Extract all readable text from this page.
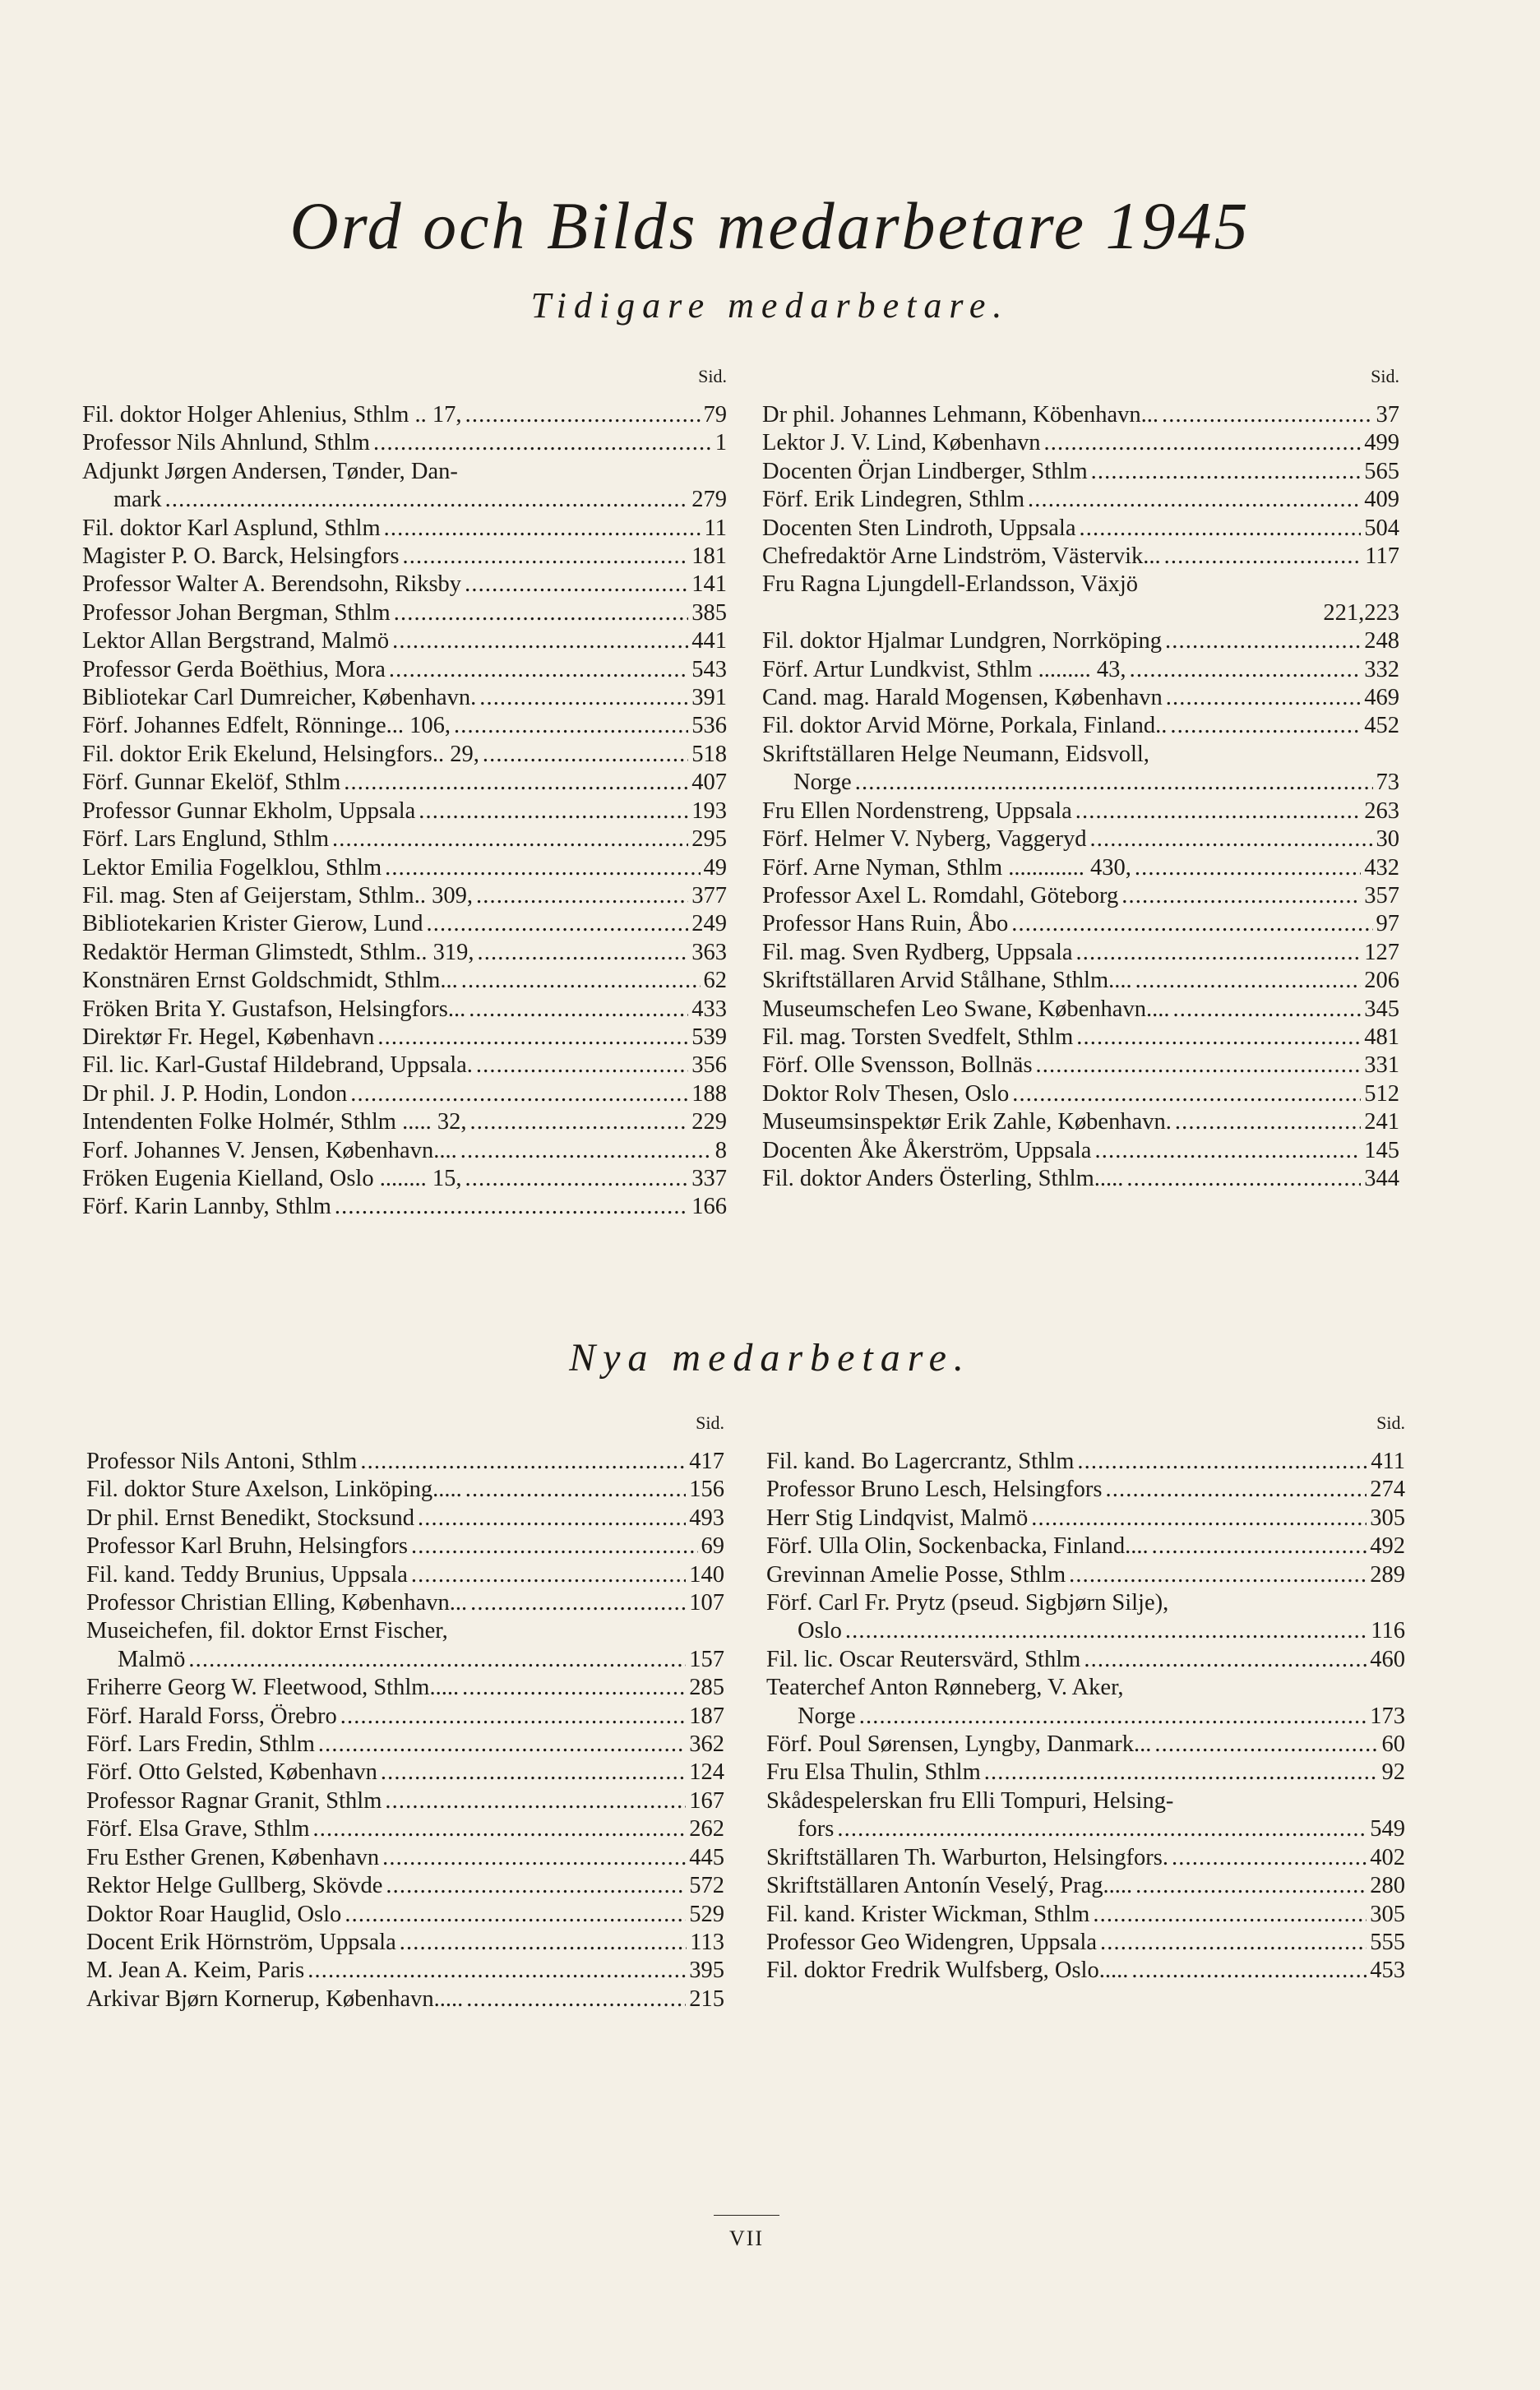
Ord och Bilds medarbetare 1945
Tidigare medarbetare.
Sid.
Fil. doktor Holger Ahlenius, Sthlm .. 17, . . .	79
Professor Nils Ahnlund, Sthlm . . .	1
Adjunkt Jørgen Andersen, Tønder, Dan-
mark . . .	279
Fil. doktor Karl Asplund, Sthlm . . .	11
Magister P. O. Barck, Helsingfors . . .	181
Professor Walter A. Berendsohn, Riksby . . .	141
Professor Johan Bergman, Sthlm . . .	385
Lektor Allan Bergstrand, Malmö . . .	441
Professor Gerda Boëthius, Mora . . .	543
Bibliotekar Carl Dumreicher, København. . . .	391
Förf. Johannes Edfelt, Rönninge... 106, . . .	536
Fil. doktor Erik Ekelund, Helsingfors.. 29, . . .	518
Förf. Gunnar Ekelöf, Sthlm . . .	407
Professor Gunnar Ekholm, Uppsala . . .	193
Förf. Lars Englund, Sthlm . . .	295
Lektor Emilia Fogelklou, Sthlm . . .	49
Fil. mag. Sten af Geijerstam, Sthlm.. 309, . . .	377
Bibliotekarien Krister Gierow, Lund . . .	249
Redaktör Herman Glimstedt, Sthlm.. 319, . . .	363
Konstnären Ernst Goldschmidt, Sthlm... . . .	62
Fröken Brita Y. Gustafson, Helsingfors... . . .	433
Direktør Fr. Hegel, København . . .	539
Fil. lic. Karl-Gustaf Hildebrand, Uppsala. . . .	356
Dr phil. J. P. Hodin, London . . .	188
Intendenten Folke Holmér, Sthlm ..... 32, . . .	229
Forf. Johannes V. Jensen, København.... . . .	8
Fröken Eugenia Kielland, Oslo ........ 15, . . .	337
Förf. Karin Lannby, Sthlm . . .	166
Sid.
Dr phil. Johannes Lehmann, Köbenhavn... . . .	37
Lektor J. V. Lind, København . . .	499
Docenten Örjan Lindberger, Sthlm . . .	565
Förf. Erik Lindegren, Sthlm . . .	409
Docenten Sten Lindroth, Uppsala . . .	504
Chefredaktör Arne Lindström, Västervik... . . .	117
Fru Ragna Ljungdell-Erlandsson, Växjö
221, 223
Fil. doktor Hjalmar Lundgren, Norrköping . . .	248
Förf. Artur Lundkvist, Sthlm ......... 43, . . .	332
Cand. mag. Harald Mogensen, København . . .	469
Fil. doktor Arvid Mörne, Porkala, Finland.. . . .	452
Skriftställaren Helge Neumann, Eidsvoll,
Norge . . .	73
Fru Ellen Nordenstreng, Uppsala . . .	263
Förf. Helmer V. Nyberg, Vaggeryd . . .	30
Förf. Arne Nyman, Sthlm ............. 430, . . .	432
Professor Axel L. Romdahl, Göteborg . . .	357
Professor Hans Ruin, Åbo . . .	97
Fil. mag. Sven Rydberg, Uppsala . . .	127
Skriftställaren Arvid Stålhane, Sthlm.... . . .	206
Museumschefen Leo Swane, København.... . . .	345
Fil. mag. Torsten Svedfelt, Sthlm . . .	481
Förf. Olle Svensson, Bollnäs . . .	331
Doktor Rolv Thesen, Oslo . . .	512
Museumsinspektør Erik Zahle, København. . . .	241
Docenten Åke Åkerström, Uppsala . . .	145
Fil. doktor Anders Österling, Sthlm..... . . .	344
Nya medarbetare.
Sid.
Professor Nils Antoni, Sthlm . . .	417
Fil. doktor Sture Axelson, Linköping..... . . .	156
Dr phil. Ernst Benedikt, Stocksund . . .	493
Professor Karl Bruhn, Helsingfors . . .	69
Fil. kand. Teddy Brunius, Uppsala . . .	140
Professor Christian Elling, København... . . .	107
Museichefen, fil. doktor Ernst Fischer,
Malmö . . .	157
Friherre Georg W. Fleetwood, Sthlm..... . . .	285
Förf. Harald Forss, Örebro . . .	187
Förf. Lars Fredin, Sthlm . . .	362
Förf. Otto Gelsted, København . . .	124
Professor Ragnar Granit, Sthlm . . .	167
Förf. Elsa Grave, Sthlm . . .	262
Fru Esther Grenen, København . . .	445
Rektor Helge Gullberg, Skövde . . .	572
Doktor Roar Hauglid, Oslo . . .	529
Docent Erik Hörnström, Uppsala . . .	113
M. Jean A. Keim, Paris . . .	395
Arkivar Bjørn Kornerup, København..... . . .	215
Sid.
Fil. kand. Bo Lagercrantz, Sthlm . . .	411
Professor Bruno Lesch, Helsingfors . . .	274
Herr Stig Lindqvist, Malmö . . .	305
Förf. Ulla Olin, Sockenbacka, Finland.... . . .	492
Grevinnan Amelie Posse, Sthlm . . .	289
Förf. Carl Fr. Prytz (pseud. Sigbjørn Silje),
Oslo . . .	116
Fil. lic. Oscar Reutersvärd, Sthlm . . .	460
Teaterchef Anton Rønneberg, V. Aker,
Norge . . .	173
Förf. Poul Sørensen, Lyngby, Danmark... . . .	60
Fru Elsa Thulin, Sthlm . . .	92
Skådespelerskan fru Elli Tompuri, Helsing-
fors . . .	549
Skriftställaren Th. Warburton, Helsingfors. . . .	402
Skriftställaren Antonín Veselý, Prag..... . . .	280
Fil. kand. Krister Wickman, Sthlm . . .	305
Professor Geo Widengren, Uppsala . . .	555
Fil. doktor Fredrik Wulfsberg, Oslo..... . . .	453
VII
